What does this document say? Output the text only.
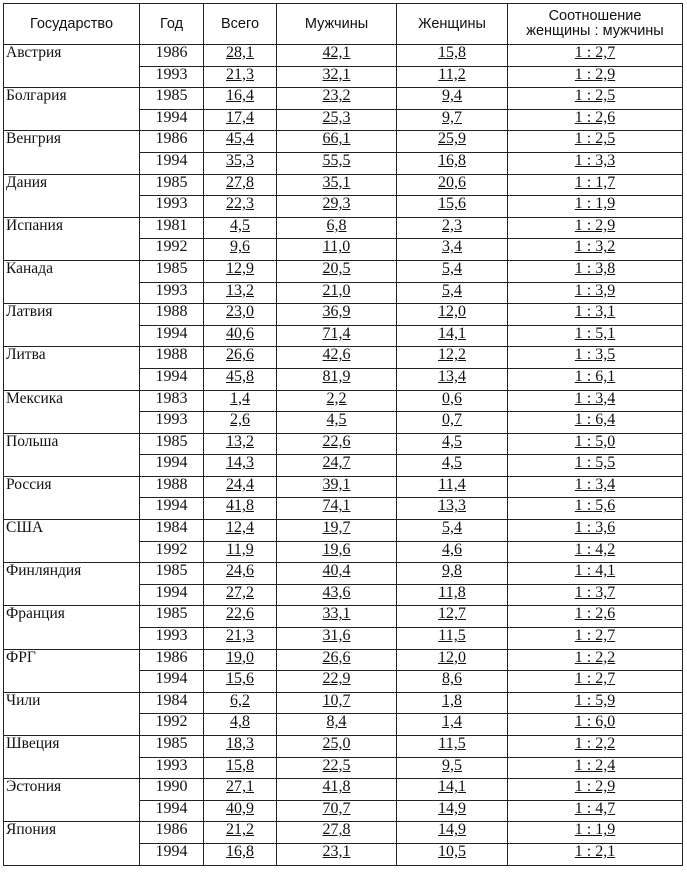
Государство	Год	Всего	Мужчины	Женщины	Соотношение
женщины : мужчины

Австрия	1986	28,1	42,1	15,8	1 : 2,7
	1993	21,3	32,1	11,2	1 : 2,9
Болгария	1985	16,4	23,2	9,4	1 : 2,5
	1994	17,4	25,3	9,7	1 : 2,6
Венгрия	1986	45,4	66,1	25,9	1 : 2,5
	1994	35,3	55,5	16,8	1 : 3,3
Дания	1985	27,8	35,1	20,6	1 : 1,7
	1993	22,3	29,3	15,6	1 : 1,9
Испания	1981	4,5	6,8	2,3	1 : 2,9
	1992	9,6	11,0	3,4	1 : 3,2
Канада	1985	12,9	20,5	5,4	1 : 3,8
	1993	13,2	21,0	5,4	1 : 3,9
Латвия	1988	23,0	36,9	12,0	1 : 3,1
	1994	40,6	71,4	14,1	1 : 5,1
Литва	1988	26,6	42,6	12,2	1 : 3,5
	1994	45,8	81,9	13,4	1 : 6,1
Мексика	1983	1,4	2,2	0,6	1 : 3,4
	1993	2,6	4,5	0,7	1 : 6,4
Польша	1985	13,2	22,6	4,5	1 : 5,0
	1994	14,3	24,7	4,5	1 : 5,5
Россия	1988	24,4	39,1	11,4	1 : 3,4
	1994	41,8	74,1	13,3	1 : 5,6
США	1984	12,4	19,7	5,4	1 : 3,6
	1992	11,9	19,6	4,6	1 : 4,2
Финляндия	1985	24,6	40,4	9,8	1 : 4,1
	1994	27,2	43,6	11,8	1 : 3,7
Франция	1985	22,6	33,1	12,7	1 : 2,6
	1993	21,3	31,6	11,5	1 : 2,7
ФРГ	1986	19,0	26,6	12,0	1 : 2,2
	1994	15,6	22,9	8,6	1 : 2,7
Чили	1984	6,2	10,7	1,8	1 : 5,9
	1992	4,8	8,4	1,4	1 : 6,0
Швеция	1985	18,3	25,0	11,5	1 : 2,2
	1993	15,8	22,5	9,5	1 : 2,4
Эстония	1990	27,1	41,8	14,1	1 : 2,9
	1994	40,9	70,7	14,9	1 : 4,7
Япония	1986	21,2	27,8	14,9	1 : 1,9
	1994	16,8	23,1	10,5	1 : 2,1
